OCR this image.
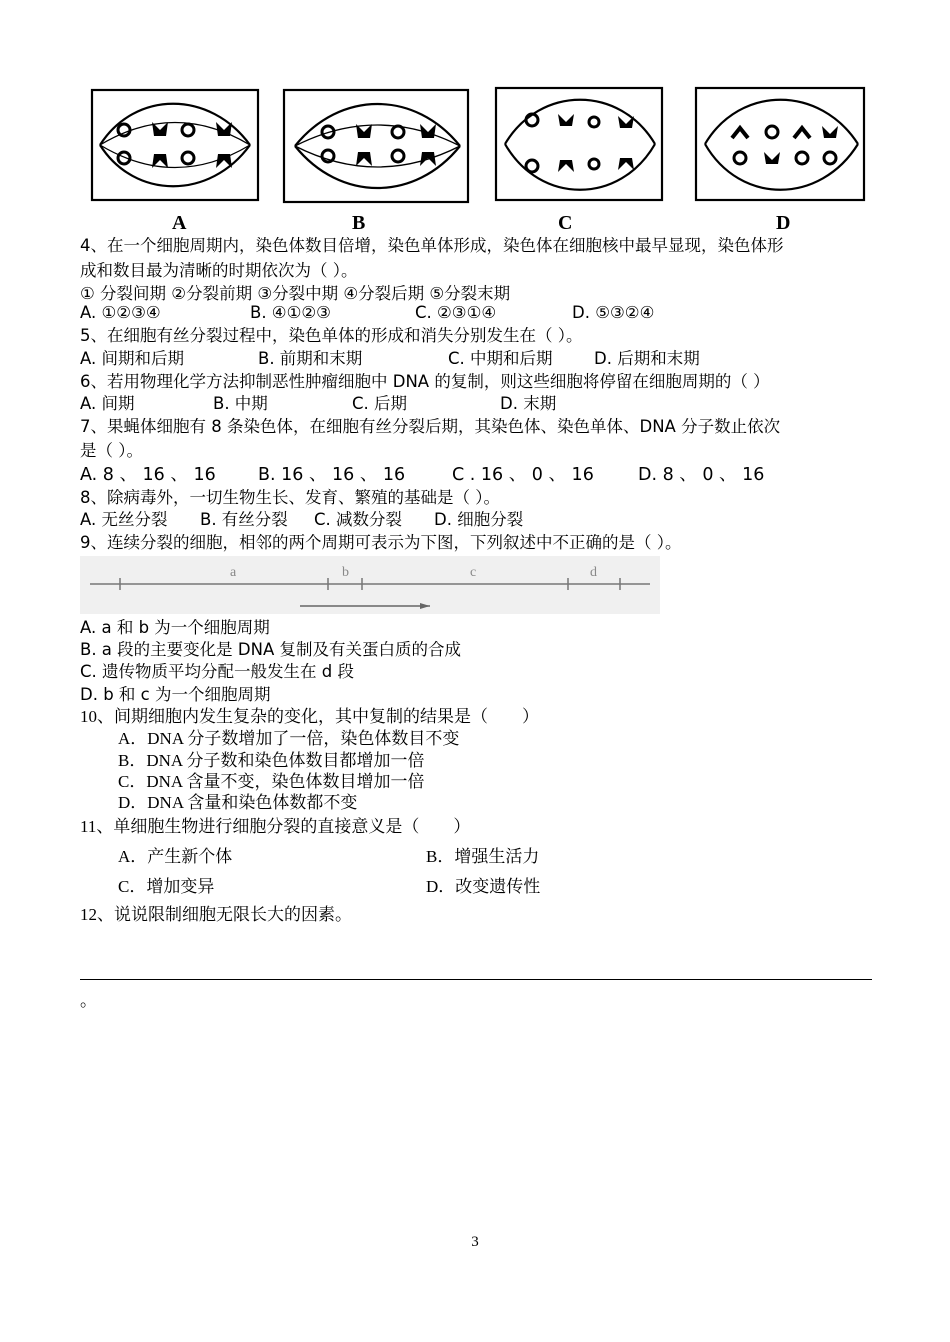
A	B	C	D
4、在一个细胞周期内，染色体数目倍增，染色单体形成，染色体在细胞核中最早显现，染色体形
成和数目最为清晰的时期依次为（ ）。
① 分裂间期 ②分裂前期 ③分裂中期 ④分裂后期 ⑤分裂末期
A. ①②③④	B. ④①②③	C. ②③①④	D. ⑤③②④
5、在细胞有丝分裂过程中，染色单体的形成和消失分别发生在（ ）。
A. 间期和后期	B. 前期和末期	C. 中期和后期	D. 后期和末期
6、若用物理化学方法抑制恶性肿瘤细胞中 DNA 的复制，则这些细胞将停留在细胞周期的（ ）
A. 间期	B. 中期	C. 后期	D. 末期
7、果蝇体细胞有 8 条染色体，在细胞有丝分裂后期，其染色体、染色单体、DNA 分子数止依次
是（ ）。
A. 8 、 16 、 16 B. 16 、 16 、 16	C . 16 、 0 、 16	D. 8 、 0 、 16
8、除病毒外，一切生物生长、发育、繁殖的基础是（ ）。
A. 无丝分裂 B. 有丝分裂 C. 减数分裂 D. 细胞分裂
9、连续分裂的细胞，相邻的两个周期可表示为下图，下列叙述中不正确的是（ ）。
a	b	c	d
A. a 和 b 为一个细胞周期
B. a 段的主要变化是 DNA 复制及有关蛋白质的合成
C. 遗传物质平均分配一般发生在 d 段
D. b 和 c 为一个细胞周期
10、间期细胞内发生复杂的变化，其中复制的结果是（　　）
A．DNA 分子数增加了一倍，染色体数目不变
B．DNA 分子数和染色体数目都增加一倍
C．DNA 含量不变，染色体数目增加一倍
D．DNA 含量和染色体数都不变
11、单细胞生物进行细胞分裂的直接意义是（　　）
A．产生新个体	B．增强生活力
C．增加变异	D．改变遗传性
12、说说限制细胞无限长大的因素。
。
3
